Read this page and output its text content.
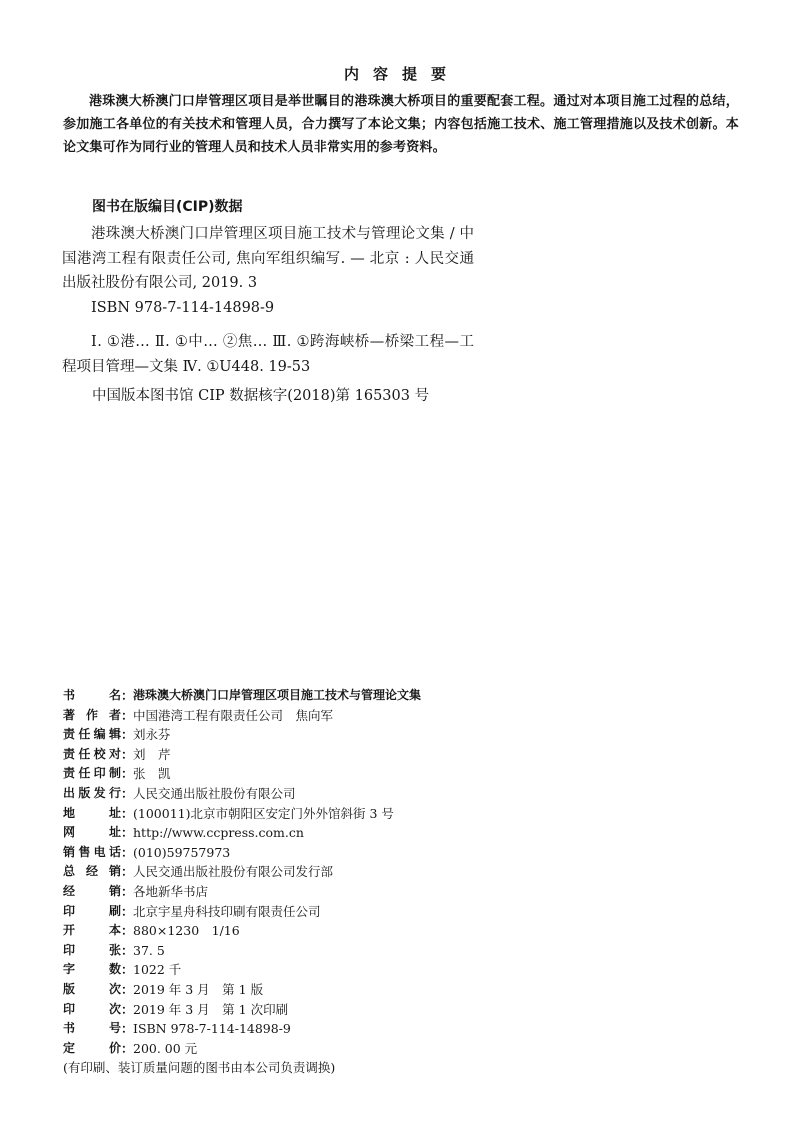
内容提要
港珠澳大桥澳门口岸管理区项目是举世瞩目的港珠澳大桥项目的重要配套工程。通过对本项目施工过程的总结，参加施工各单位的有关技术和管理人员，合力撰写了本论文集；内容包括施工技术、施工管理措施以及技术创新。本论文集可作为同行业的管理人员和技术人员非常实用的参考资料。
图书在版编目(CIP)数据
港珠澳大桥澳门口岸管理区项目施工技术与管理论文集 / 中国港湾工程有限责任公司, 焦向军组织编写. — 北京 : 人民交通出版社股份有限公司, 2019. 3
ISBN 978-7-114-14898-9
Ⅰ. ①港… Ⅱ. ①中… ②焦… Ⅲ. ①跨海峡桥—桥梁工程—工程项目管理—文集 Ⅳ. ①U448. 19-53
中国版本图书馆 CIP 数据核字(2018)第 165303 号
书	名 ： 港珠澳大桥澳门口岸管理区项目施工技术与管理论文集
著 作 者 ： 中国港湾工程有限责任公司　焦向军
责 任 编 辑 ： 刘永芬
责 任 校 对 ： 刘　芹
责 任 印 制 ： 张　凯
出 版 发 行 ： 人民交通出版社股份有限公司
地	址 ： (100011)北京市朝阳区安定门外外馆斜街 3 号
网	址 ： http://www.ccpress.com.cn
销 售 电 话 ： (010)59757973
总 经 销 ： 人民交通出版社股份有限公司发行部
经	销 ： 各地新华书店
印	刷 ： 北京宇星舟科技印刷有限责任公司
开	本 ： 880×1230　1/16
印	张 ： 37. 5
字	数 ： 1022 千
版	次 ： 2019 年 3 月　第 1 版
印	次 ： 2019 年 3 月　第 1 次印刷
书	号 ： ISBN 978-7-114-14898-9
定	价 ： 200. 00 元
(有印刷、装订质量问题的图书由本公司负责调换)
